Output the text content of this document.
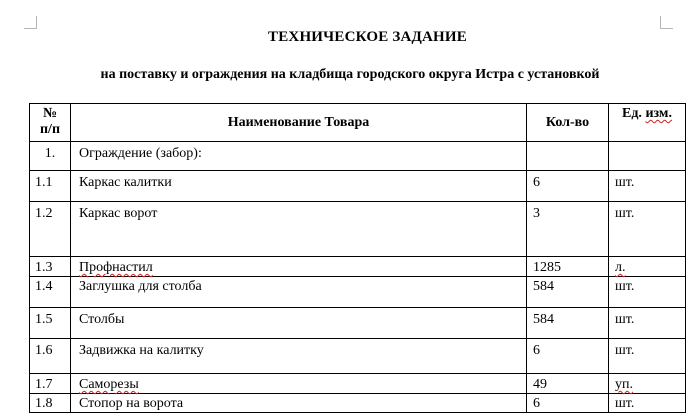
ТЕХНИЧЕСКОЕ ЗАДАНИЕ
на поставку и ограждения на кладбища городского округа Истра с установкой
№
п/п	Наименование Товара	Кол-во	Ед. изм.

1.	Ограждение (забор):		

1.1	Каркас калитки	6	шт.

1.2	Каркас ворот	3	шт.

1.3	Профнастил	1285	л.

1.4	Заглушка для столба	584	шт.

1.5	Столбы	584	шт.

1.6	Задвижка на калитку	6	шт.

1.7	Саморезы	49	уп.

1.8	Стопор на ворота	6	шт.
